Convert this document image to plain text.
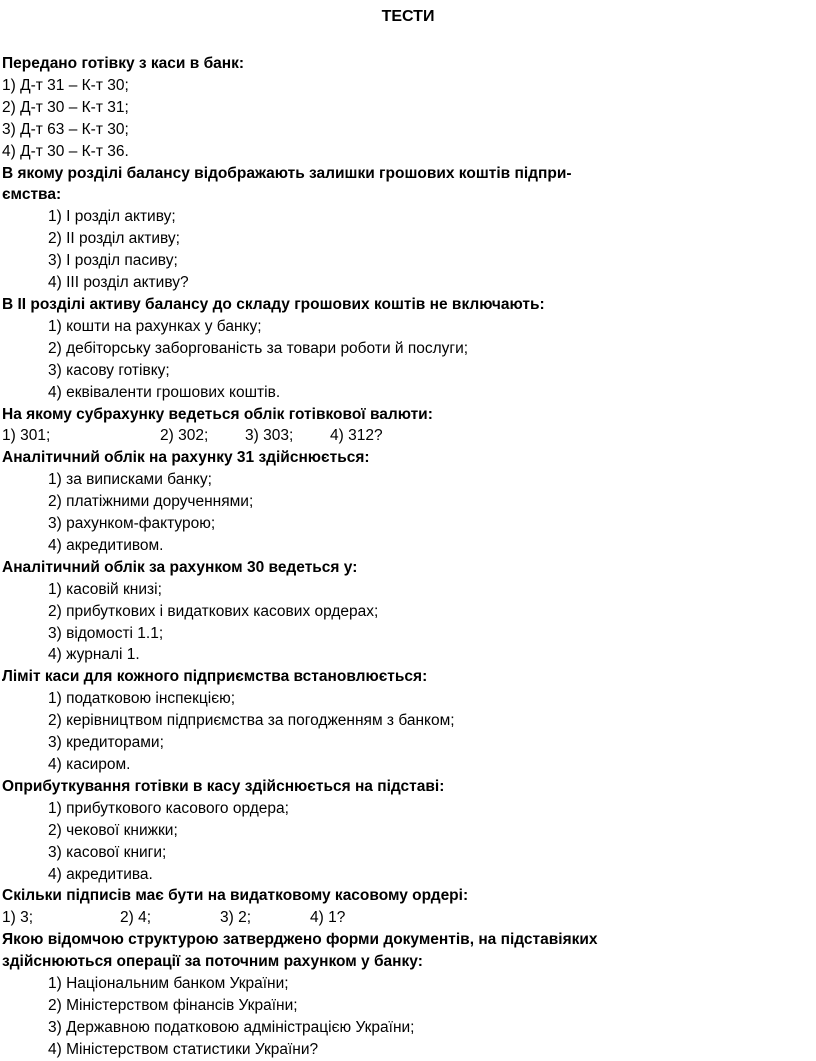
ТЕСТИ
Передано готівку з каси в банк:
1) Д-т 31 – К-т 30;
2) Д-т 30 – К-т 31;
3) Д-т 63 – К-т 30;
4) Д-т 30 – К-т 36.
В якому розділі балансу відображають залишки грошових коштів підпри-
ємства:
1) І розділ активу;
2) ІІ розділ активу;
3) І розділ пасиву;
4) ІІІ розділ активу?
В ІІ розділі активу балансу до складу грошових коштів не включають:
1) кошти на рахунках у банку;
2) дебіторську заборгованість за товари роботи й послуги;
3) касову готівку;
4) еквіваленти грошових коштів.
На якому субрахунку ведеться облік готівкової валюти:
1) 301;	2) 302;	3) 303;	4) 312?
Аналітичний облік на рахунку 31 здійснюється:
1) за виписками банку;
2) платіжними дорученнями;
3) рахунком-фактурою;
4) акредитивом.
Аналітичний облік за рахунком 30 ведеться у:
1) касовій книзі;
2) прибуткових і видаткових касових ордерах;
3) відомості 1.1;
4) журналі 1.
Ліміт каси для кожного підприємства встановлюється:
1) податковою інспекцією;
2) керівництвом підприємства за погодженням з банком;
3) кредиторами;
4) касиром.
Оприбуткування готівки в касу здійснюється на підставі:
1) прибуткового касового ордера;
2) чекової книжки;
3) касової книги;
4) акредитива.
Скільки підписів має бути на видатковому касовому ордері:
1) 3;	2) 4;	3) 2;	4) 1?
Якою відомчою структурою затверджено форми документів, на підставіяких
здійснюються операції за поточним рахунком у банку:
1) Національним банком України;
2) Міністерством фінансів України;
3) Державною податковою адміністрацією України;
4) Міністерством статистики України?
